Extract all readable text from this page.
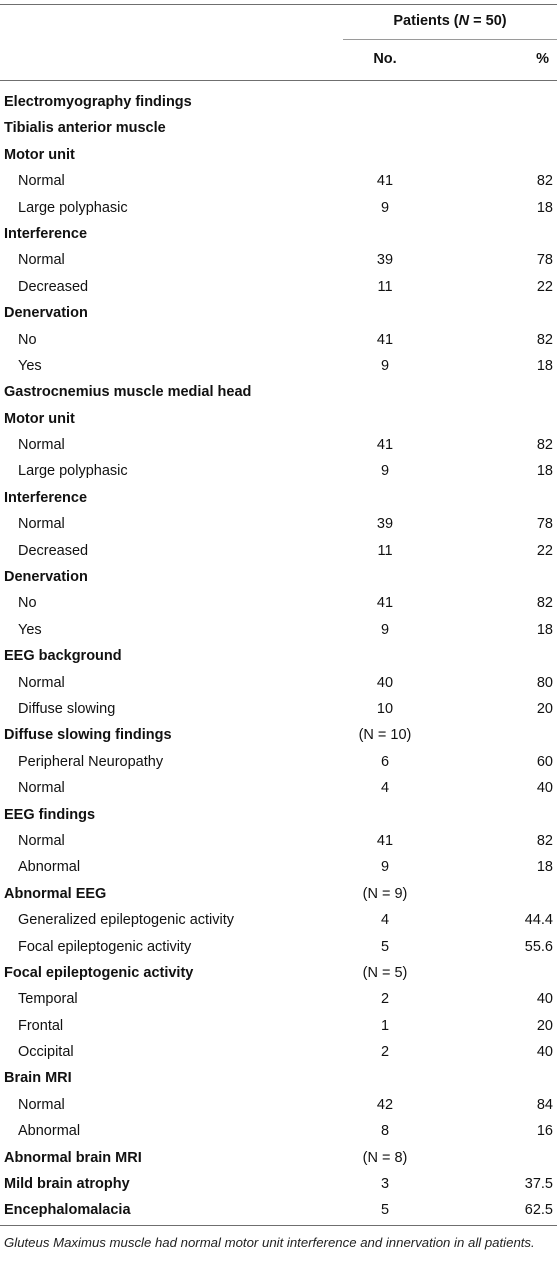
Patients (N = 50)
No.	%
Electromyography findings
Tibialis anterior muscle
Motor unit
Normal	41	82
Large polyphasic	9	18
Interference
Normal	39	78
Decreased	11	22
Denervation
No	41	82
Yes	9	18
Gastrocnemius muscle medial head
Motor unit
Normal	41	82
Large polyphasic	9	18
Interference
Normal	39	78
Decreased	11	22
Denervation
No	41	82
Yes	9	18
EEG background
Normal	40	80
Diffuse slowing	10	20
Diffuse slowing findings	(N = 10)
Peripheral Neuropathy	6	60
Normal	4	40
EEG findings
Normal	41	82
Abnormal	9	18
Abnormal EEG	(N = 9)
Generalized epileptogenic activity	4	44.4
Focal epileptogenic activity	5	55.6
Focal epileptogenic activity	(N = 5)
Temporal	2	40
Frontal	1	20
Occipital	2	40
Brain MRI
Normal	42	84
Abnormal	8	16
Abnormal brain MRI	(N = 8)
Mild brain atrophy	3	37.5
Encephalomalacia	5	62.5
Gluteus Maximus muscle had normal motor unit interference and innervation in all patients.
